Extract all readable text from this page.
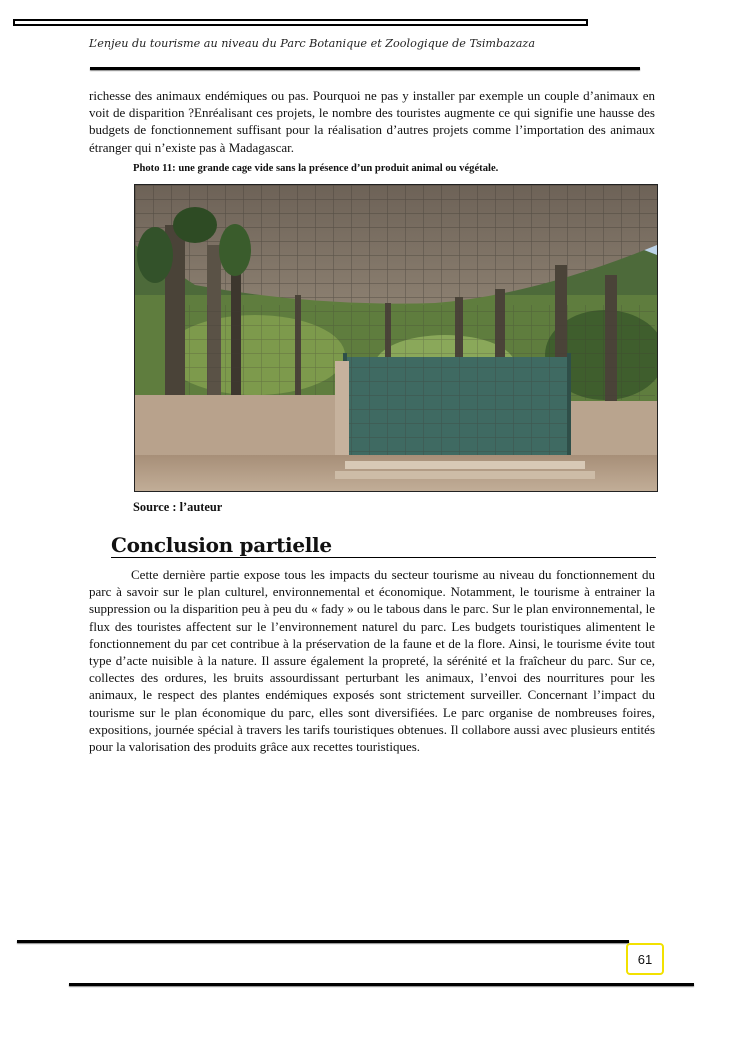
L’enjeu du tourisme au niveau du Parc Botanique et Zoologique de Tsimbazaza

richesse des animaux endémiques ou pas. Pourquoi ne pas y installer par exemple un couple d’animaux en voit de disparition ?Enréalisant ces projets, le nombre des touristes augmente ce qui signifie une hausse des budgets de fonctionnement suffisant pour la réalisation d’autres projets comme l’importation des animaux étranger qui n’existe pas à Madagascar.

Photo 11: une grande cage vide sans la présence d’un produit animal ou végétale.
Source : l’auteur
Conclusion partielle

Cette dernière partie expose tous les impacts du secteur tourisme au niveau du fonctionnement du parc à savoir sur le plan culturel, environnemental et économique. Notamment, le tourisme à entrainer la suppression ou la disparition peu à peu du « fady » ou le tabous dans le parc. Sur le plan environnemental, le flux des touristes affectent sur le l’environnement naturel du parc. Les budgets touristiques alimentent le fonctionnement du par cet contribue à la préservation de la faune et de la flore. Ainsi, le tourisme évite tout type d’acte nuisible à la nature. Il assure également la propreté, la sérénité et la fraîcheur du parc. Sur ce, collectes des ordures, les bruits assourdissant perturbant les animaux, l’envoi des nourritures pour les animaux, le respect des plantes endémiques exposés sont strictement surveiller. Concernant l’impact du tourisme sur le plan économique du parc, elles sont diversifiées. Le parc organise de nombreuses foires, expositions, journée spécial à travers les tarifs touristiques obtenues. Il collabore aussi avec plusieurs entités pour la valorisation des produits grâce aux recettes touristiques.

61
